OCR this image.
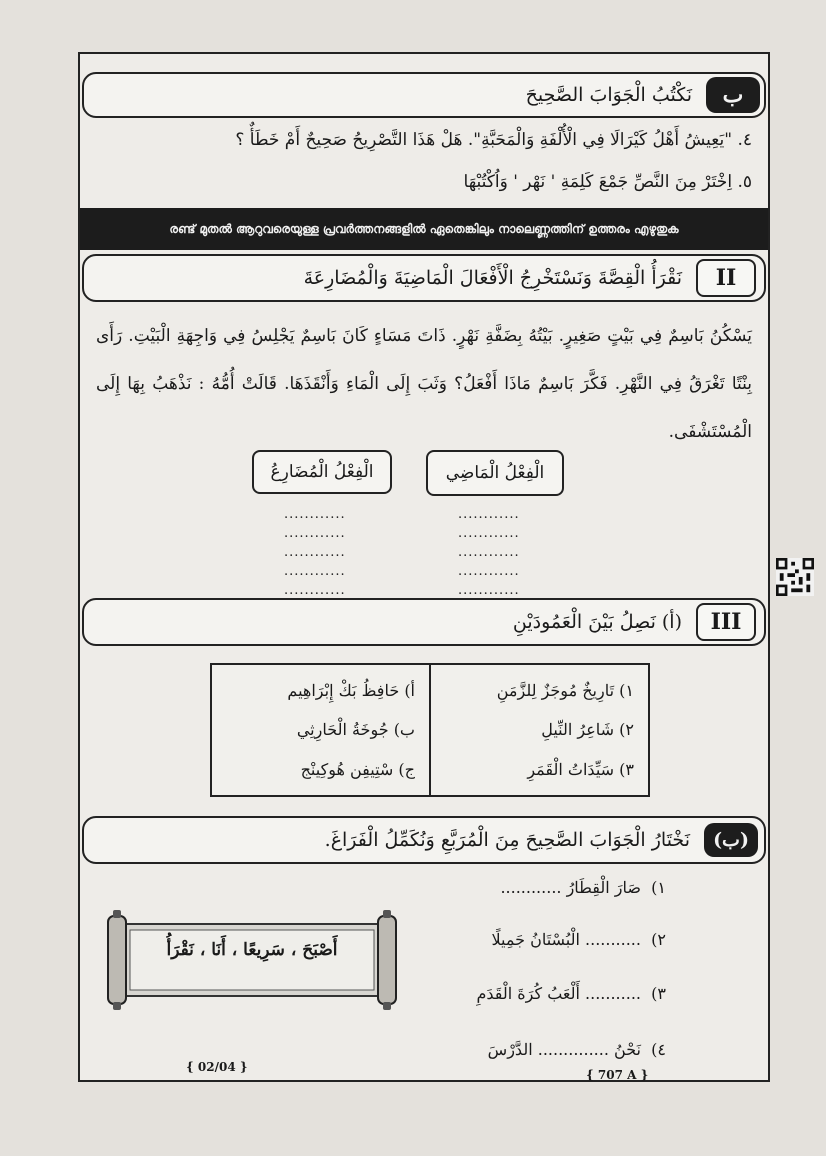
ب
نَكْتُبُ الْجَوَابَ الصَّحِيحَ
٤. "يَعِيشُ أَهْلُ كَيْرَالَا فِي الْأُلْفَةِ وَالْمَحَبَّةِ". هَلْ هَذَا التَّصْرِيحُ صَحِيحٌ أَمْ خَطَأٌ ؟
٥. اِخْتَرْ مِنَ النَّصِّ جَمْعَ كَلِمَةِ ' نَهْر ' وَاُكْتُبْهَا
രണ്ട് മുതൽ ആറുവരെയുള്ള പ്രവർത്തനങ്ങളിൽ ഏതെങ്കിലും നാലെണ്ണത്തിന് ഉത്തരം എഴുതുക
II
نَقْرَأُ الْقِصَّةَ وَنَسْتَخْرِجُ الْأَفْعَالَ الْمَاضِيَةَ وَالْمُضَارِعَةَ
يَسْكُنُ بَاسِمٌ فِي بَيْتٍ صَغِيرٍ. بَيْتُهُ بِضَفَّةِ نَهْرٍ. ذَاتَ مَسَاءٍ كَانَ بَاسِمٌ يَجْلِسُ فِي وَاجِهَةِ الْبَيْتِ. رَأَى بِنْتًا تَغْرَقُ فِي النَّهْرِ. فَكَّرَ بَاسِمٌ مَاذَا أَفْعَلُ؟ وَثَبَ إِلَى الْمَاءِ وَأَنْقَذَهَا. قَالَتْ أُمُّهُ : نَذْهَبُ بِهَا إِلَى الْمُسْتَشْفَى.
الْفِعْلُ الْمَاضِي
الْفِعْلُ الْمُضَارِعُ
............
............
............
............
............
............
............
............
............
............
III
(أ) نَصِلُ بَيْنَ الْعَمُودَيْنِ
١) تَارِيخٌ مُوجَزٌ لِلزَّمَنِ
٢) شَاعِرُ النِّيلِ
٣) سَيِّدَاتُ الْقَمَرِ
أ) حَافِظُ بَكْ إِبْرَاهِيم
ب) جُوخَةُ الْحَارِثِي
ج) سْتِيفِن هُوكِينْج
(ب)
نَخْتَارُ الْجَوَابَ الصَّحِيحَ مِنَ الْمُرَبَّعِ وَنُكَمِّلُ الْفَرَاغَ.
١)  صَارَ الْقِطَارُ ............
٢)  ........... الْبُسْتَانُ جَمِيلًا
٣)  ........... أَلْعَبُ كُرَةَ الْقَدَمِ
٤)  نَحْنُ .............. الدَّرْسَ
أَصْبَحَ ، سَرِيعًا ، أَنَا ، نَقْرَأُ
{ 02/04 }
{ 707 A }
